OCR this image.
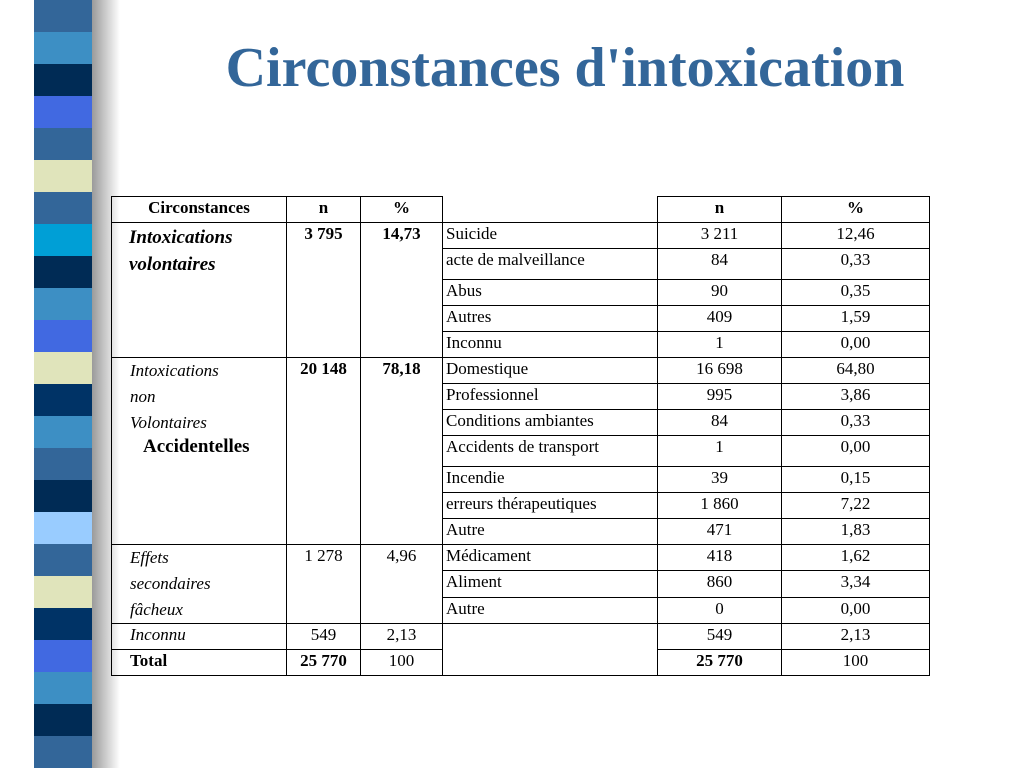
Circonstances d'intoxication
Circonstances	n	%		n	%

Intoxications
volontaires	3 795	14,73	Suicide	3 211	12,46
			acte de malveillance	84	0,33
			Abus	90	0,35
			Autres	409	1,59
			Inconnu	1	0,00

Intoxications
non
Volontaires
Accidentelles	20 148	78,18	Domestique	16 698	64,80
			Professionnel	995	3,86
			Conditions ambiantes	84	0,33
			Accidents de transport	1	0,00
			Incendie	39	0,15
			erreurs thérapeutiques	1 860	7,22
			Autre	471	1,83

Effets
secondaires
fâcheux	1 278	4,96	Médicament	418	1,62
			Aliment	860	3,34
			Autre	0	0,00
Inconnu	549	2,13		549	2,13
Total	25 770	100		25 770	100
